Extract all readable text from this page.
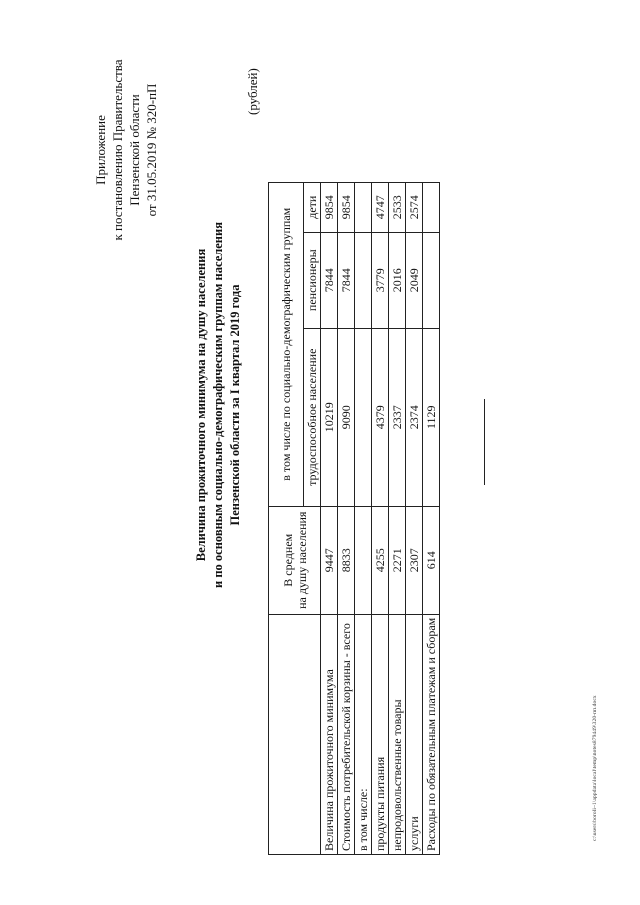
Приложение к постановлению Правительства Пензенской области от 31.05.2019 № 320-пП
Величина прожиточного минимума на душу населения и по основным социально-демографическим группам населения Пензенской области за I квартал 2019 года
(рублей)

	В среднем на душу населения	в том числе по социально-демографическим группам		
		трудоспособное население	пенсионеры	дети
Величина прожиточного минимума	9447	10219	7844	9854
Стоимость потребительской корзины - всего	8833	9090	7844	9854
в том числе:				
продукты питания	4255	4379	3779	4747
непродовольственные товары	2271	2337	2016	2533
услуги	2307	2374	2049	2574
Расходы по обязательным платежам и сборам	614	1129		
c:\users\boroli~1\appdata\local\temp\notes879449\320-пп.docx
